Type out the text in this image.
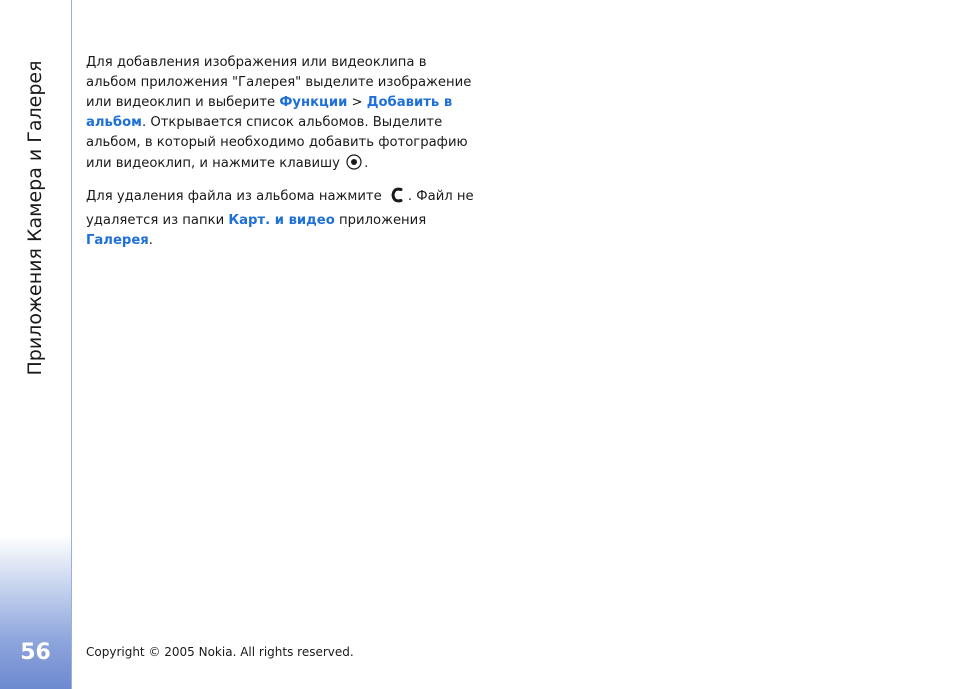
Приложения Камера и Галерея
56

Для добавления изображения или видеоклипа в альбом приложения "Галерея" выделите изображение или видеоклип и выберите Функции > Добавить в альбом. Открывается список альбомов. Выделите альбом, в который необходимо добавить фотографию или видеоклип, и нажмите клавишу .

Для удаления файла из альбома нажмите . Файл не удаляется из папки Карт. и видео приложения Галерея.

Copyright © 2005 Nokia. All rights reserved.
